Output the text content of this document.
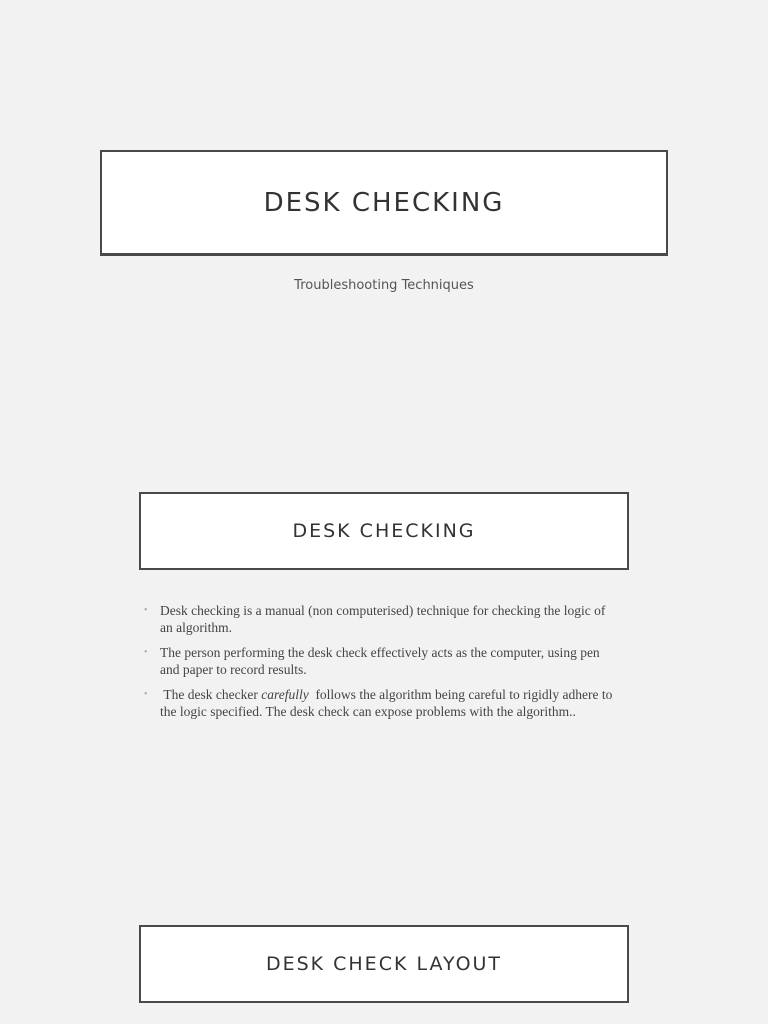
DESK CHECKING
Troubleshooting Techniques
DESK CHECKING
• Desk checking is a manual (non computerised) technique for checking the logic of an algorithm.
• The person performing the desk check effectively acts as the computer, using pen and paper to record results.
• The desk checker carefully  follows the algorithm being careful to rigidly adhere to the logic specified. The desk check can expose problems with the algorithm..
DESK CHECK LAYOUT
